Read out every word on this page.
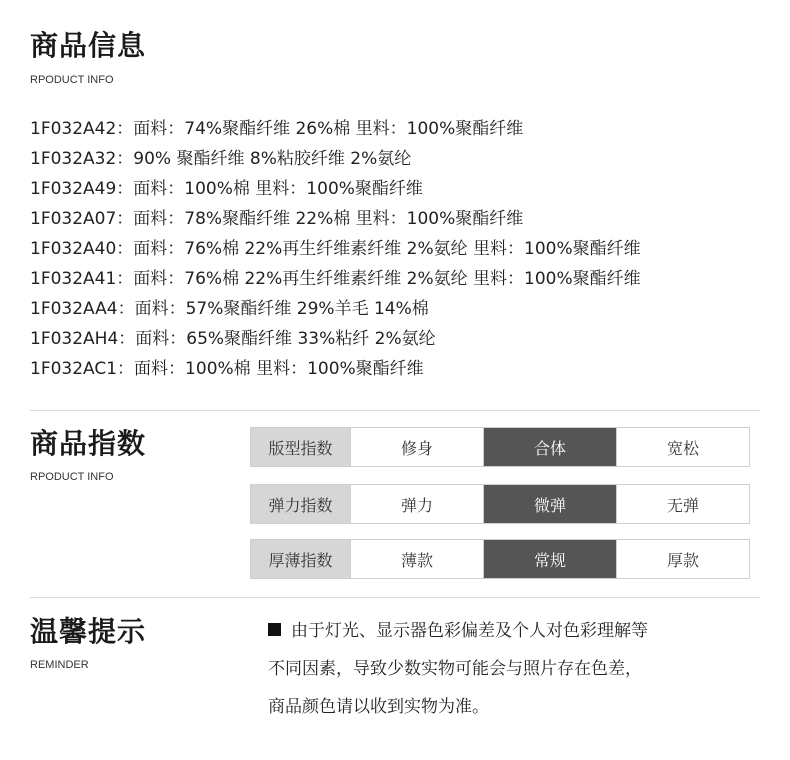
商品信息
RPODUCT INFO
1F032A42：面料：74%聚酯纤维 26%棉 里料：100%聚酯纤维
1F032A32：90% 聚酯纤维 8%粘胶纤维 2%氨纶
1F032A49：面料：100%棉 里料：100%聚酯纤维
1F032A07：面料：78%聚酯纤维 22%棉 里料：100%聚酯纤维
1F032A40：面料：76%棉 22%再生纤维素纤维 2%氨纶 里料：100%聚酯纤维
1F032A41：面料：76%棉 22%再生纤维素纤维 2%氨纶 里料：100%聚酯纤维
1F032AA4：面料：57%聚酯纤维 29%羊毛 14%棉
1F032AH4：面料：65%聚酯纤维 33%粘纤 2%氨纶
1F032AC1：面料：100%棉 里料：100%聚酯纤维
商品指数
RPODUCT INFO
版型指数	修身	合体	宽松
弹力指数	弹力	微弹	无弹
厚薄指数	薄款	常规	厚款
温馨提示
REMINDER

由于灯光、显示器色彩偏差及个人对色彩理解等

不同因素，导致少数实物可能会与照片存在色差，

商品颜色请以收到实物为准。
